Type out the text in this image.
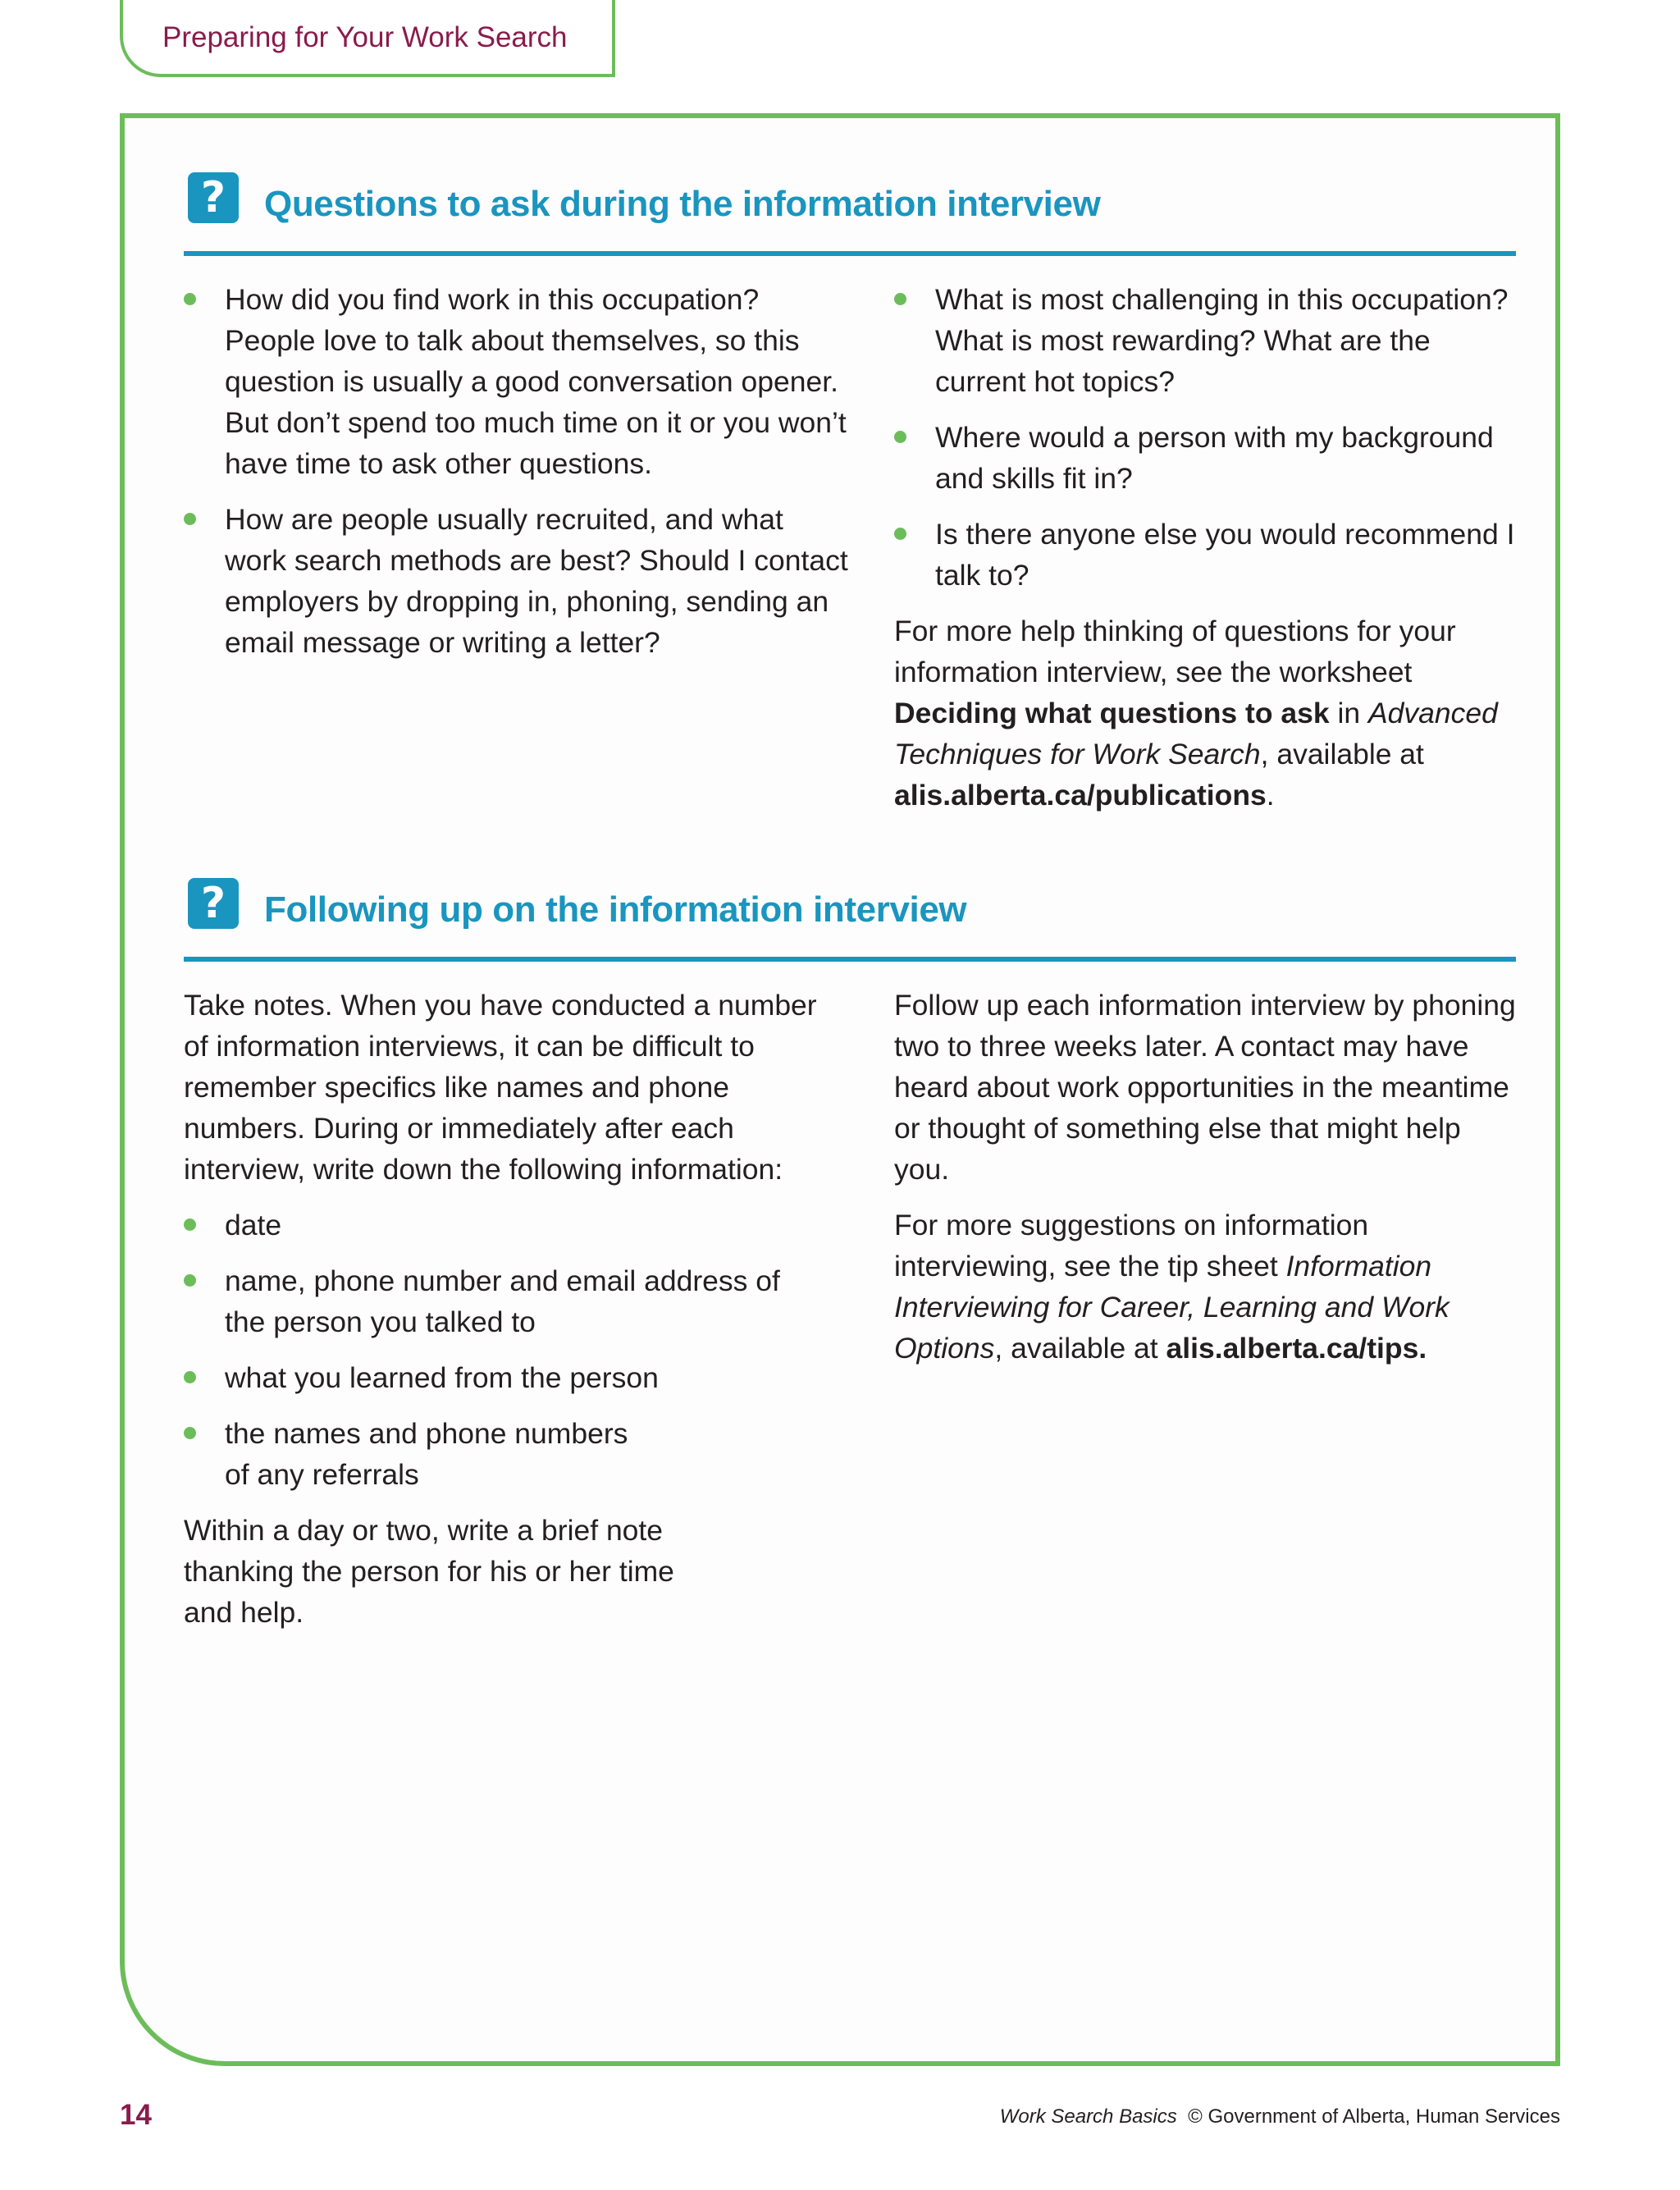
Preparing for Your Work Search
?	Questions to ask during the information interview
How did you find work in this occupation? People love to talk about themselves, so this question is usually a good conversation opener. But don’t spend too much time on it or you won’t have time to ask other questions.
How are people usually recruited, and what work search methods are best? Should I contact employers by dropping in, phoning, sending an email message or writing a letter?
What is most challenging in this occupation? What is most rewarding? What are the current hot topics?
Where would a person with my background and skills fit in?
Is there anyone else you would recommend I talk to?

For more help thinking of questions for your information interview, see the worksheet Deciding what questions to ask in Advanced Techniques for Work Search, available at alis.alberta.ca/publications.

?	Following up on the information interview

Take notes. When you have conducted a number of information interviews, it can be difficult to remember specifics like names and phone numbers. During or immediately after each interview, write down the following information:

date
name, phone number and email address of the person you talked to
what you learned from the person
the names and phone numbers of any referrals

Within a day or two, write a brief note thanking the person for his or her time and help.

Follow up each information interview by phoning two to three weeks later. A contact may have heard about work opportunities in the meantime or thought of something else that might help you.

For more suggestions on information interviewing, see the tip sheet Information Interviewing for Career, Learning and Work Options, available at alis.alberta.ca/tips.

14	Work Search Basics © Government of Alberta, Human Services
